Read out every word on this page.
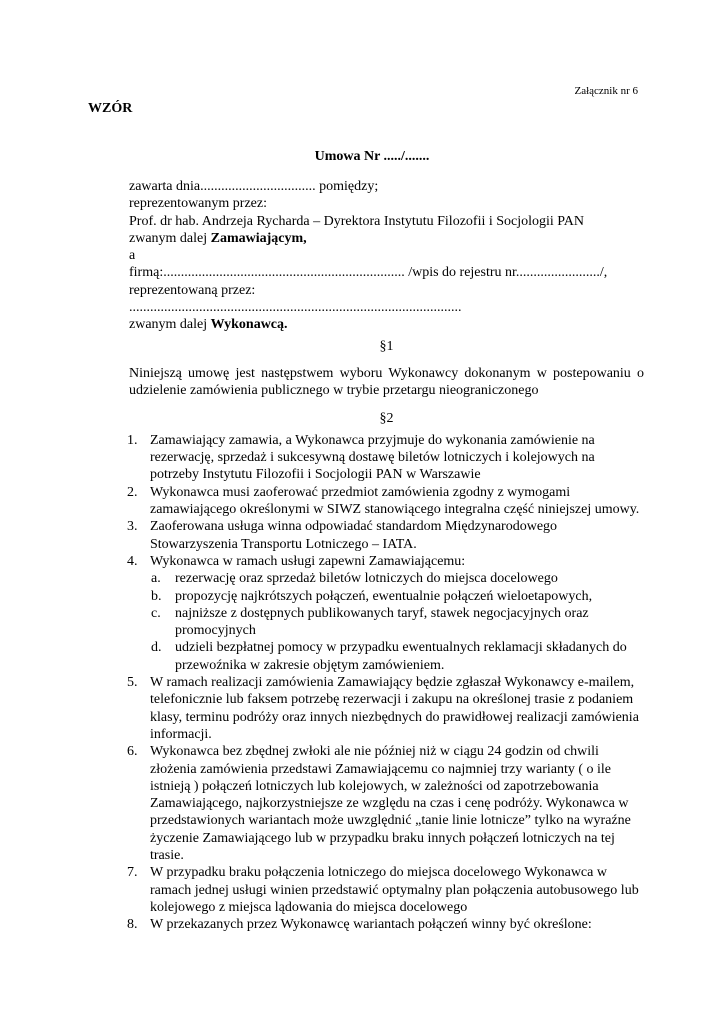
Załącznik nr 6
WZÓR
Umowa Nr ...../.......
zawarta dnia................................. pomiędzy;
reprezentowanym przez:
Prof. dr hab. Andrzeja Rycharda – Dyrektora Instytutu Filozofii i Socjologii PAN
zwanym dalej Zamawiającym,
a
firmą:..................................................................... /wpis do rejestru nr......................../,
reprezentowaną przez:
...............................................................................................
zwanym dalej Wykonawcą.
§1
Niniejszą umowę jest następstwem wyboru Wykonawcy dokonanym w postepowaniu o udzielenie zamówienia publicznego w trybie przetargu nieograniczonego
§2
1. Zamawiający zamawia, a Wykonawca przyjmuje do wykonania zamówienie na rezerwację, sprzedaż i sukcesywną dostawę biletów lotniczych i kolejowych na potrzeby Instytutu Filozofii i Socjologii PAN w Warszawie
2. Wykonawca musi zaoferować przedmiot zamówienia zgodny z wymogami zamawiającego określonymi w SIWZ stanowiącego integralna część niniejszej umowy.
3. Zaoferowana usługa winna odpowiadać standardom Międzynarodowego Stowarzyszenia Transportu Lotniczego – IATA.
4. Wykonawca w ramach usługi zapewni Zamawiającemu:
a. rezerwację oraz sprzedaż biletów lotniczych do miejsca docelowego
b. propozycję najkrótszych połączeń, ewentualnie połączeń wieloetapowych,
c. najniższe z dostępnych publikowanych taryf, stawek negocjacyjnych oraz promocyjnych
d. udzieli bezpłatnej pomocy w przypadku ewentualnych reklamacji składanych do przewoźnika w zakresie objętym zamówieniem.
5. W ramach realizacji zamówienia Zamawiający będzie zgłaszał Wykonawcy e-mailem, telefonicznie lub faksem potrzebę rezerwacji i zakupu na określonej trasie z podaniem klasy, terminu podróży oraz innych niezbędnych do prawidłowej realizacji zamówienia informacji.
6. Wykonawca bez zbędnej zwłoki ale nie później niż w ciągu 24 godzin od chwili złożenia zamówienia przedstawi Zamawiającemu co najmniej trzy warianty ( o ile istnieją ) połączeń lotniczych lub kolejowych, w zależności od zapotrzebowania Zamawiającego, najkorzystniejsze ze względu na czas i cenę podróży. Wykonawca w przedstawionych wariantach może uwzględnić „tanie linie lotnicze” tylko na wyraźne życzenie Zamawiającego lub w przypadku braku innych połączeń lotniczych na tej trasie.
7. W przypadku braku połączenia lotniczego do miejsca docelowego Wykonawca w ramach jednej usługi winien przedstawić optymalny plan połączenia autobusowego lub kolejowego z miejsca lądowania do miejsca docelowego
8. W przekazanych przez Wykonawcę wariantach połączeń winny być określone:
